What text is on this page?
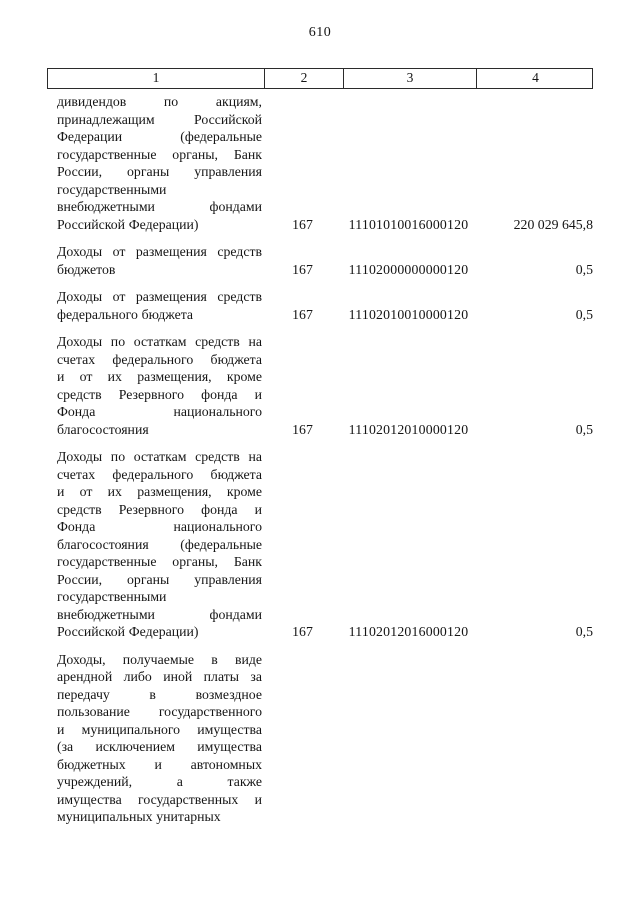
610
1	2	3	4
дивидендов по акциям,
принадлежащим Российской
Федерации (федеральные
государственные органы, Банк
России, органы управления
государственными
внебюджетными фондами
Российской Федерации)	167	11101010016000120	220 029 645,8
Доходы от размещения средств
бюджетов	167	11102000000000120	0,5
Доходы от размещения средств
федерального бюджета	167	11102010010000120	0,5
Доходы по остаткам средств на
счетах федерального бюджета
и от их размещения, кроме
средств Резервного фонда и
Фонда национального
благосостояния	167	11102012010000120	0,5
Доходы по остаткам средств на
счетах федерального бюджета
и от их размещения, кроме
средств Резервного фонда и
Фонда национального
благосостояния (федеральные
государственные органы, Банк
России, органы управления
государственными
внебюджетными фондами
Российской Федерации)	167	11102012016000120	0,5
Доходы, получаемые в виде
арендной либо иной платы за
передачу в возмездное
пользование государственного
и муниципального имущества
(за исключением имущества
бюджетных и автономных
учреждений, а также
имущества государственных и
муниципальных унитарных
